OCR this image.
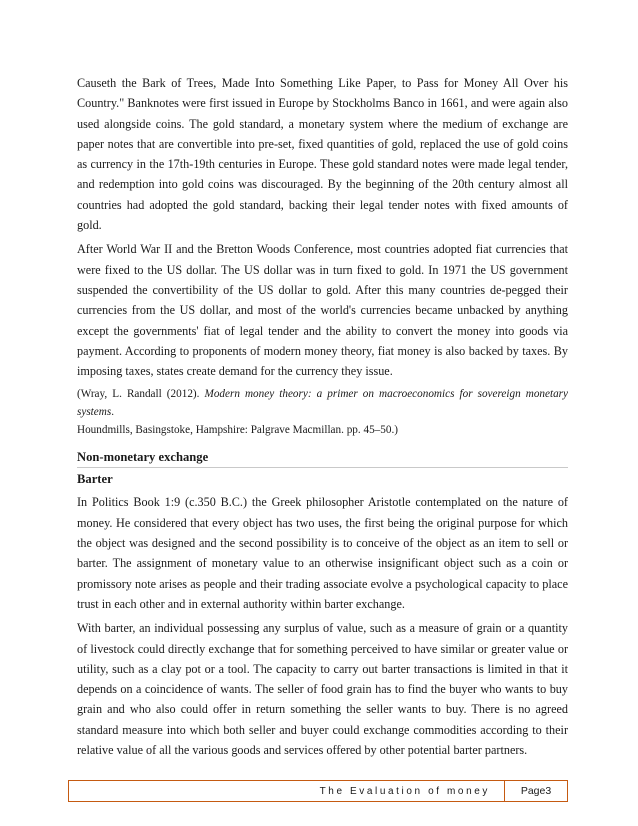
Causeth the Bark of Trees, Made Into Something Like Paper, to Pass for Money All Over his Country." Banknotes were first issued in Europe by Stockholms Banco in 1661, and were again also used alongside coins. The gold standard, a monetary system where the medium of exchange are paper notes that are convertible into pre-set, fixed quantities of gold, replaced the use of gold coins as currency in the 17th-19th centuries in Europe. These gold standard notes were made legal tender, and redemption into gold coins was discouraged. By the beginning of the 20th century almost all countries had adopted the gold standard, backing their legal tender notes with fixed amounts of gold.

After World War II and the Bretton Woods Conference, most countries adopted fiat currencies that were fixed to the US dollar. The US dollar was in turn fixed to gold. In 1971 the US government suspended the convertibility of the US dollar to gold. After this many countries de-pegged their currencies from the US dollar, and most of the world's currencies became unbacked by anything except the governments' fiat of legal tender and the ability to convert the money into goods via payment. According to proponents of modern money theory, fiat money is also backed by taxes. By imposing taxes, states create demand for the currency they issue.

(Wray, L. Randall (2012). Modern money theory: a primer on macroeconomics for sovereign monetary systems.
Houndmills, Basingstoke, Hampshire: Palgrave Macmillan. pp. 45–50.)

Non-monetary exchange
Barter

In Politics Book 1:9 (c.350 B.C.) the Greek philosopher Aristotle contemplated on the nature of money. He considered that every object has two uses, the first being the original purpose for which the object was designed and the second possibility is to conceive of the object as an item to sell or barter. The assignment of monetary value to an otherwise insignificant object such as a coin or promissory note arises as people and their trading associate evolve a psychological capacity to place trust in each other and in external authority within barter exchange.

With barter, an individual possessing any surplus of value, such as a measure of grain or a quantity of livestock could directly exchange that for something perceived to have similar or greater value or utility, such as a clay pot or a tool. The capacity to carry out barter transactions is limited in that it depends on a coincidence of wants. The seller of food grain has to find the buyer who wants to buy grain and who also could offer in return something the seller wants to buy. There is no agreed standard measure into which both seller and buyer could exchange commodities according to their relative value of all the various goods and services offered by other potential barter partners.

The Evaluation of money	Page3
